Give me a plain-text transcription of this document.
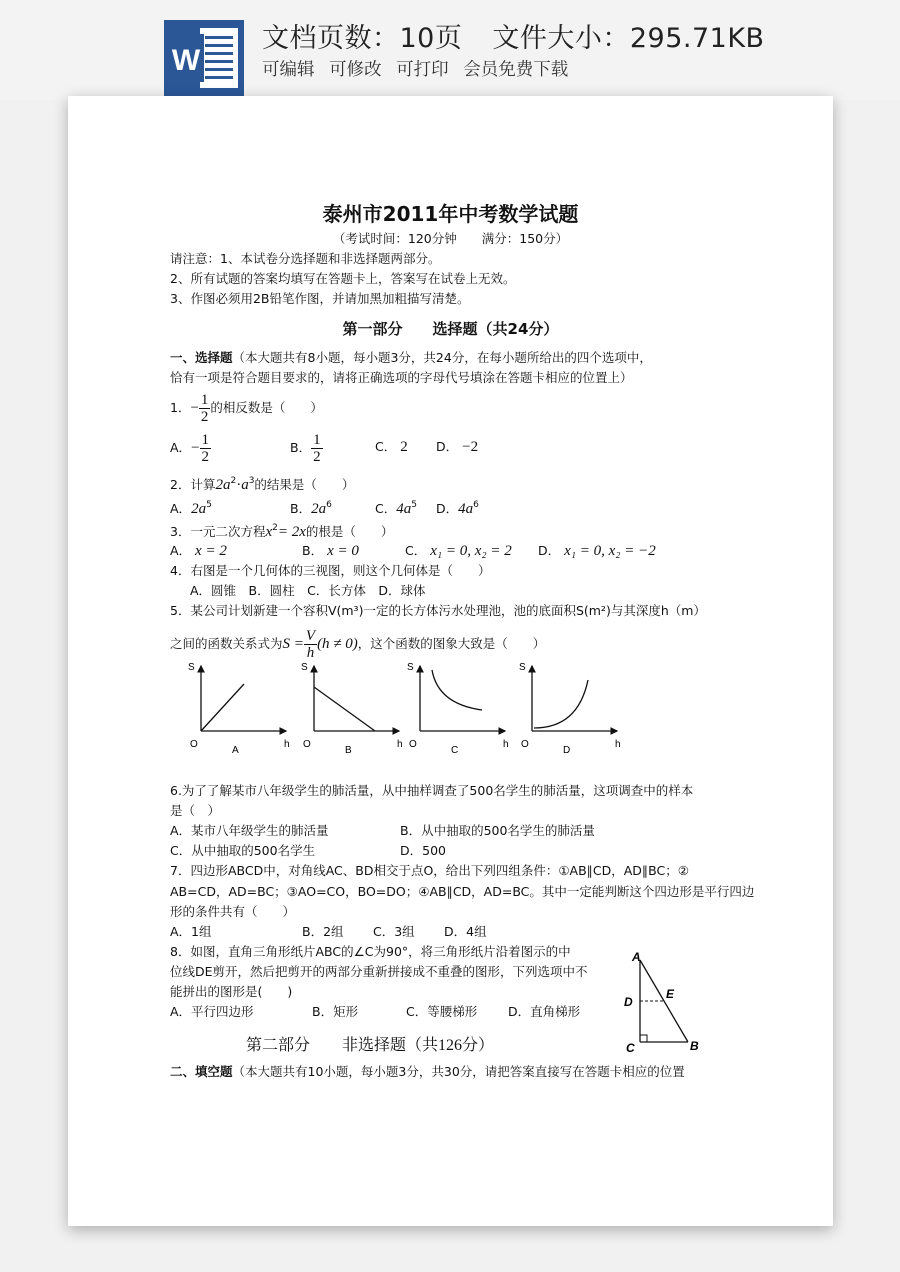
W
文档页数：10页 文件大小：295.71KB
可编辑 可修改 可打印 会员免费下载
泰州市2011年中考数学试题
（考试时间：120分钟　　满分：150分）
请注意：1、本试卷分选择题和非选择题两部分。
2、所有试题的答案均填写在答题卡上，答案写在试卷上无效。
3、作图必须用2B铅笔作图，并请加黑加粗描写清楚。
第一部分　　选择题（共24分）
一、选择题（本大题共有8小题，每小题3分，共24分，在每小题所给出的四个选项中，
恰有一项是符合题目要求的，请将正确选项的字母代号填涂在答题卡相应的位置上）
1．− $\frac{1}{2}$ 的相反数是（　　）
A．− $\frac{1}{2}$	B． $\frac{1}{2}$	C． 2 D． −2
2．计算$2a^2\cdot a^3$的结果是（　　）
A．$2a^5$	B．$2a^6$	C．$4a^5$ D．$4a^6$
3．一元二次方程$x^2= 2x$的根是（　　）
A． x = 2	B． x = 0	C． x₁ = 0, x₂ = 2 D． x₁ = 0, x₂ = −2
4．右图是一个几何体的三视图，则这个几何体是（　　）
A．圆锥　B．圆柱　C．长方体　D．球体
5．某公司计划新建一个容积V(m³)一定的长方体污水处理池，池的底面积S(m²)与其深度h（m）
之间的函数关系式为$S = \frac{V}{h} (h \ne 0)$，这个函数的图象大致是（　　）
S
O	h
A
S
O	h
B
S
O	h
C
S
O	h
D
6.为了了解某市八年级学生的肺活量，从中抽样调查了500名学生的肺活量，这项调查中的样本
是（　）
A．某市八年级学生的肺活量	B．从中抽取的500名学生的肺活量
C．从中抽取的500名学生	D．500
7．四边形ABCD中，对角线AC、BD相交于点O，给出下列四组条件：①AB∥CD，AD∥BC；②
AB=CD，AD=BC；③AO=CO，BO=DO；④AB∥CD，AD=BC。其中一定能判断这个四边形是平行四边
形的条件共有（　　）
A．1组	B．2组 C．3组 D．4组
8．如图，直角三角形纸片ABC的∠C为90°，将三角形纸片沿着图示的中
位线DE剪开，然后把剪开的两部分重新拼接成不重叠的图形，下列选项中不
能拼出的图形是(　　)
A．平行四边形	B．矩形	C．等腰梯形 D．直角梯形
A
D
E
C	B
第二部分　　非选择题（共126分）
二、填空题（本大题共有10小题，每小题3分，共30分，请把答案直接写在答题卡相应的位置
